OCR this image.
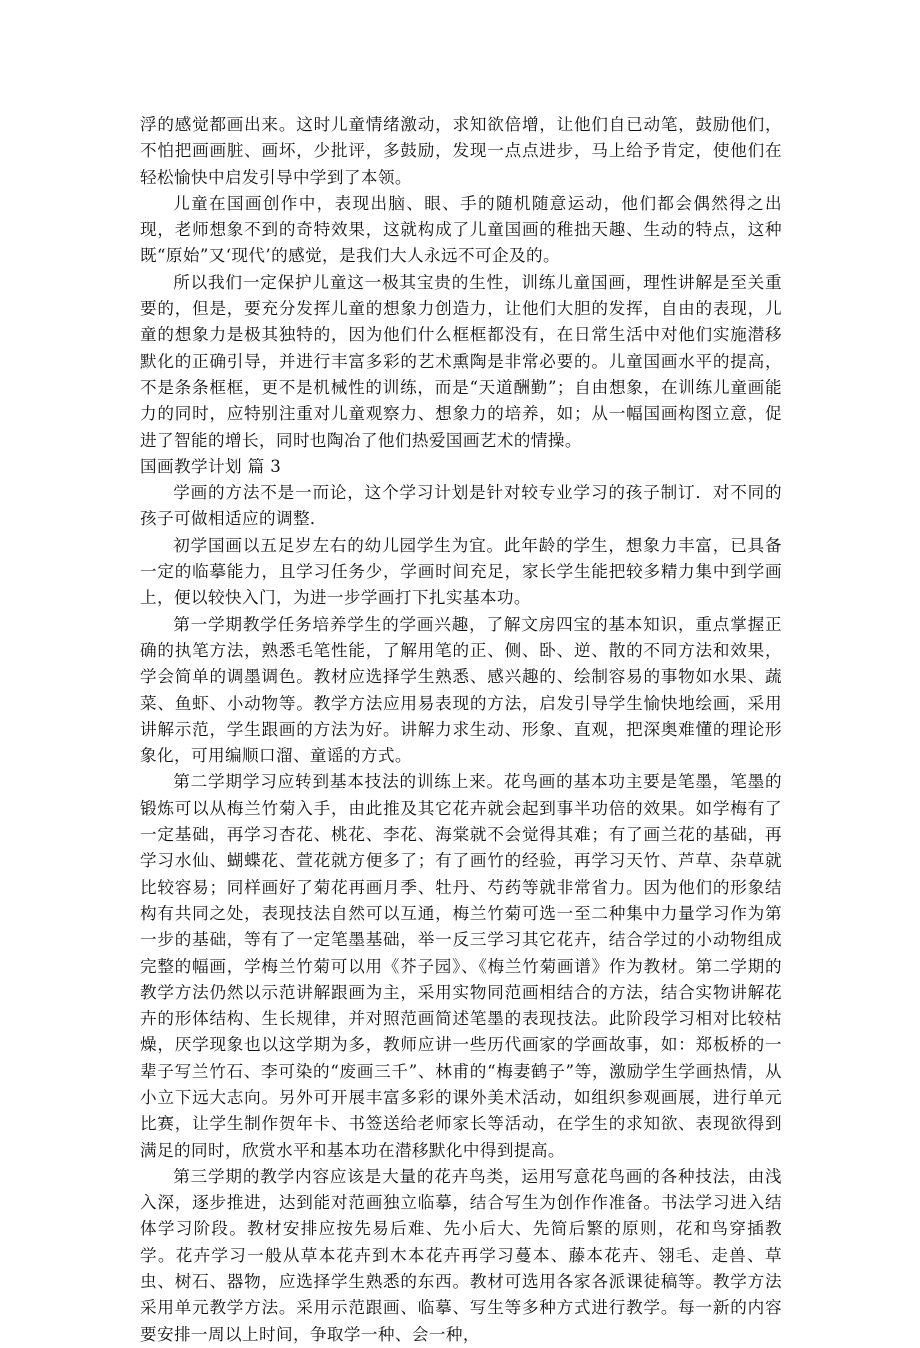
浮的感觉都画出来。这时儿童情绪激动，求知欲倍增，让他们自已动笔，鼓励他们，不怕把画画脏、画坏，少批评，多鼓励，发现一点点进步，马上给予肯定，使他们在轻松愉快中启发引导中学到了本领。

儿童在国画创作中，表现出脑、眼、手的随机随意运动，他们都会偶然得之出现，老师想象不到的奇特效果，这就构成了儿童国画的稚拙天趣、生动的特点，这种既“原始”又‘现代’的感觉，是我们大人永远不可企及的。

所以我们一定保护儿童这一极其宝贵的生性，训练儿童国画，理性讲解是至关重要的，但是，要充分发挥儿童的想象力创造力，让他们大胆的发挥，自由的表现，儿童的想象力是极其独特的，因为他们什么框框都没有，在日常生活中对他们实施潜移默化的正确引导，并进行丰富多彩的艺术熏陶是非常必要的。儿童国画水平的提高，不是条条框框，更不是机械性的训练，而是“天道酬勤”；自由想象，在训练儿童画能力的同时，应特别注重对儿童观察力、想象力的培养，如；从一幅国画构图立意，促进了智能的增长，同时也陶冶了他们热爱国画艺术的情操。

国画教学计划 篇 3

学画的方法不是一而论，这个学习计划是针对较专业学习的孩子制订．对不同的孩子可做相适应的调整．

初学国画以五足岁左右的幼儿园学生为宜。此年龄的学生，想象力丰富，已具备一定的临摹能力，且学习任务少，学画时间充足，家长学生能把较多精力集中到学画上，便以较快入门，为进一步学画打下扎实基本功。

第一学期教学任务培养学生的学画兴趣，了解文房四宝的基本知识，重点掌握正确的执笔方法，熟悉毛笔性能，了解用笔的正、侧、卧、逆、散的不同方法和效果，学会简单的调墨调色。教材应选择学生熟悉、感兴趣的、绘制容易的事物如水果、蔬菜、鱼虾、小动物等。教学方法应用易表现的方法，启发引导学生愉快地绘画，采用讲解示范，学生跟画的方法为好。讲解力求生动、形象、直观，把深奥难懂的理论形象化，可用编顺口溜、童谣的方式。

第二学期学习应转到基本技法的训练上来。花鸟画的基本功主要是笔墨，笔墨的锻炼可以从梅兰竹菊入手，由此推及其它花卉就会起到事半功倍的效果。如学梅有了一定基础，再学习杏花、桃花、李花、海棠就不会觉得其难；有了画兰花的基础，再学习水仙、蝴蝶花、萱花就方便多了；有了画竹的经验，再学习天竹、芦草、杂草就比较容易；同样画好了菊花再画月季、牡丹、芍药等就非常省力。因为他们的形象结构有共同之处，表现技法自然可以互通，梅兰竹菊可选一至二种集中力量学习作为第一步的基础，等有了一定笔墨基础，举一反三学习其它花卉，结合学过的小动物组成完整的幅画，学梅兰竹菊可以用《芥子园》、《梅兰竹菊画谱》作为教材。第二学期的教学方法仍然以示范讲解跟画为主，采用实物同范画相结合的方法，结合实物讲解花卉的形体结构、生长规律，并对照范画简述笔墨的表现技法。此阶段学习相对比较枯燥，厌学现象也以这学期为多，教师应讲一些历代画家的学画故事，如：郑板桥的一辈子写兰竹石、李可染的“废画三千”、林甫的“梅妻鹤子”等，激励学生学画热情，从小立下远大志向。另外可开展丰富多彩的课外美术活动，如组织参观画展，进行单元比赛，让学生制作贺年卡、书签送给老师家长等活动，在学生的求知欲、表现欲得到满足的同时，欣赏水平和基本功在潜移默化中得到提高。

第三学期的教学内容应该是大量的花卉鸟类，运用写意花鸟画的各种技法，由浅入深，逐步推进，达到能对范画独立临摹，结合写生为创作作准备。书法学习进入结体学习阶段。教材安排应按先易后难、先小后大、先简后繁的原则，花和鸟穿插教学。花卉学习一般从草本花卉到木本花卉再学习蔓本、藤本花卉、翎毛、走兽、草虫、树石、器物，应选择学生熟悉的东西。教材可选用各家各派课徒稿等。教学方法采用单元教学方法。采用示范跟画、临摹、写生等多种方式进行教学。每一新的内容要安排一周以上时间，争取学一种、会一种，
